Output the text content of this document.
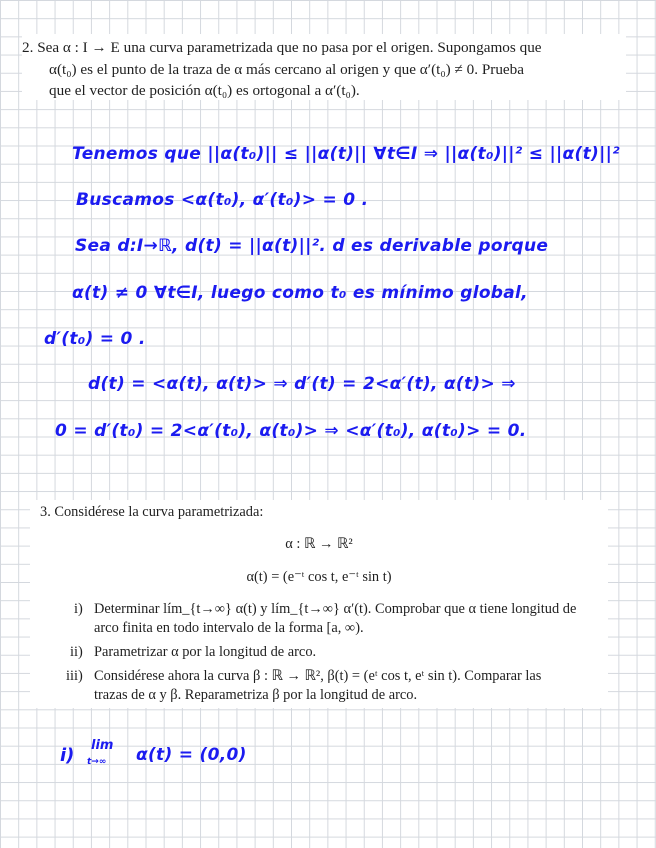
2. Sea α : I → E una curva parametrizada que no pasa por el origen. Supongamos que
α(t₀) es el punto de la traza de α más cercano al origen y que α′(t₀) ≠ 0. Prueba
que el vector de posición α(t₀) es ortogonal a α′(t₀).
Tenemos que ||α(t₀)|| ≤ ||α(t)|| ∀t∈I ⇒ ||α(t₀)||² ≤ ||α(t)||²
Buscamos <α(t₀), α′(t₀)> = 0 .
Sea d:I→ℝ, d(t) = ||α(t)||². d es derivable porque
α(t) ≠ 0 ∀t∈I, luego como t₀ es mínimo global,
d′(t₀) = 0 .
d(t) = <α(t), α(t)> ⇒ d′(t) = 2<α′(t), α(t)> ⇒
0 = d′(t₀) = 2<α′(t₀), α(t₀)> ⇒ <α′(t₀), α(t₀)> = 0.
3. Considérese la curva parametrizada:
α : ℝ → ℝ²
α(t) = (e⁻ᵗ cos t, e⁻ᵗ sin t)
i) Determinar lím_{t→∞} α(t) y lím_{t→∞} α′(t). Comprobar que α tiene longitud de
arco finita en todo intervalo de la forma [a, ∞).
ii) Parametrizar α por la longitud de arco.
iii) Considérese ahora la curva β : ℝ → ℝ², β(t) = (eᵗ cos t, eᵗ sin t). Comparar las
trazas de α y β. Reparametriza β por la longitud de arco.
i) lim
t→∞ α(t) = (0,0)
